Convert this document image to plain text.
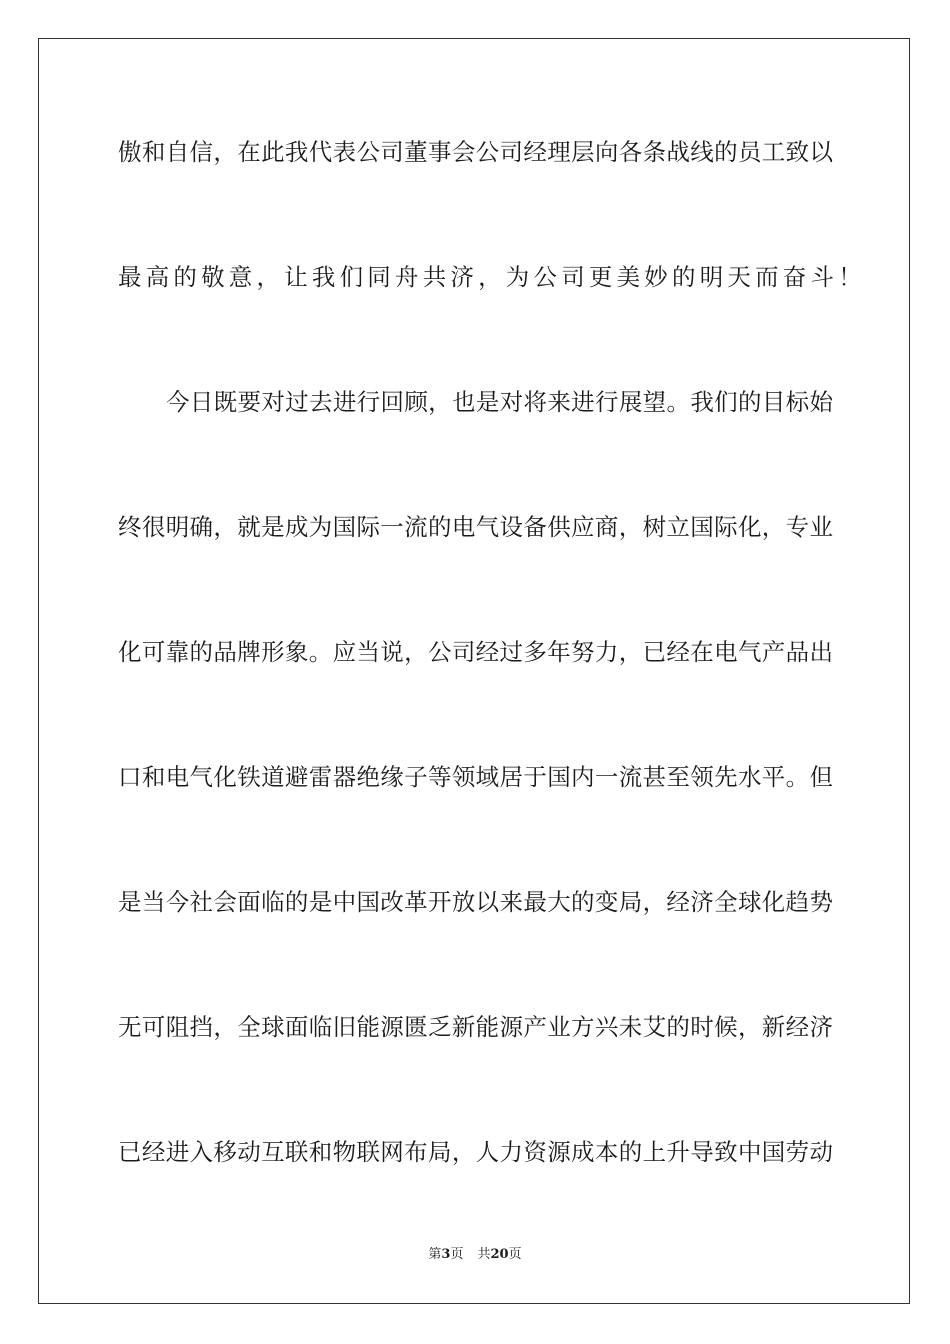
傲和自信，在此我代表公司董事会公司经理层向各条战线的员工致以
最高的敬意，让我们同舟共济，为公司更美妙的明天而奋斗！
今日既要对过去进行回顾，也是对将来进行展望。我们的目标始
终很明确，就是成为国际一流的电气设备供应商，树立国际化，专业
化可靠的品牌形象。应当说，公司经过多年努力，已经在电气产品出
口和电气化铁道避雷器绝缘子等领域居于国内一流甚至领先水平。但
是当今社会面临的是中国改革开放以来最大的变局，经济全球化趋势
无可阻挡，全球面临旧能源匮乏新能源产业方兴未艾的时候，新经济
已经进入移动互联和物联网布局，人力资源成本的上升导致中国劳动
第3页 共20页
